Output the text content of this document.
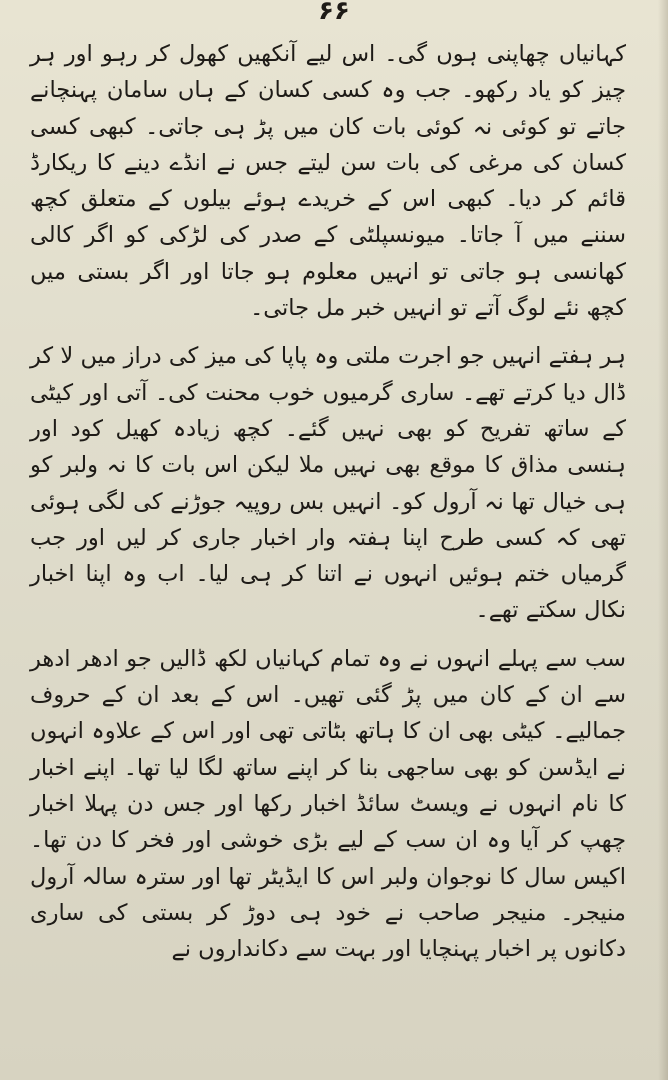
۶۶

کہانیاں چھاپنی ہوں گی۔ اس لیے آنکھیں کھول کر رہو اور ہر چیز کو یاد رکھو۔ جب وہ کسی کسان کے ہاں سامان پہنچانے جاتے تو کوئی نہ کوئی بات کان میں پڑ ہی جاتی۔ کبھی کسی کسان کی مرغی کی بات سن لیتے جس نے انڈے دینے کا ریکارڈ قائم کر دیا۔ کبھی اس کے خریدے ہوئے بیلوں کے متعلق کچھ سننے میں آ جاتا۔ میونسپلٹی کے صدر کی لڑکی کو اگر کالی کھانسی ہو جاتی تو انہیں معلوم ہو جاتا اور اگر بستی میں کچھ نئے لوگ آتے تو انہیں خبر مل جاتی۔

ہر ہفتے انہیں جو اجرت ملتی وہ پاپا کی میز کی دراز میں لا کر ڈال دیا کرتے تھے۔ ساری گرمیوں خوب محنت کی۔ آتی اور کیٹی کے ساتھ تفریح کو بھی نہیں گئے۔ کچھ زیادہ کھیل کود اور ہنسی مذاق کا موقع بھی نہیں ملا لیکن اس بات کا نہ ولبر کو ہی خیال تھا نہ آرول کو۔ انہیں بس روپیہ جوڑنے کی لگی ہوئی تھی کہ کسی طرح اپنا ہفتہ وار اخبار جاری کر لیں اور جب گرمیاں ختم ہوئیں انہوں نے اتنا کر ہی لیا۔ اب وہ اپنا اخبار نکال سکتے تھے۔

سب سے پہلے انہوں نے وہ تمام کہانیاں لکھ ڈالیں جو ادھر ادھر سے ان کے کان میں پڑ گئی تھیں۔ اس کے بعد ان کے حروف جمالیے۔ کیٹی بھی ان کا ہاتھ بٹاتی تھی اور اس کے علاوہ انہوں نے ایڈسن کو بھی ساجھی بنا کر اپنے ساتھ لگا لیا تھا۔ اپنے اخبار کا نام انہوں نے ویسٹ سائڈ اخبار رکھا اور جس دن پہلا اخبار چھپ کر آیا وہ ان سب کے لیے بڑی خوشی اور فخر کا دن تھا۔ اکیس سال کا نوجوان ولبر اس کا ایڈیٹر تھا اور سترہ سالہ آرول منیجر۔ منیجر صاحب نے خود ہی دوڑ کر بستی کی ساری دکانوں پر اخبار پہنچایا اور بہت سے دکانداروں نے
